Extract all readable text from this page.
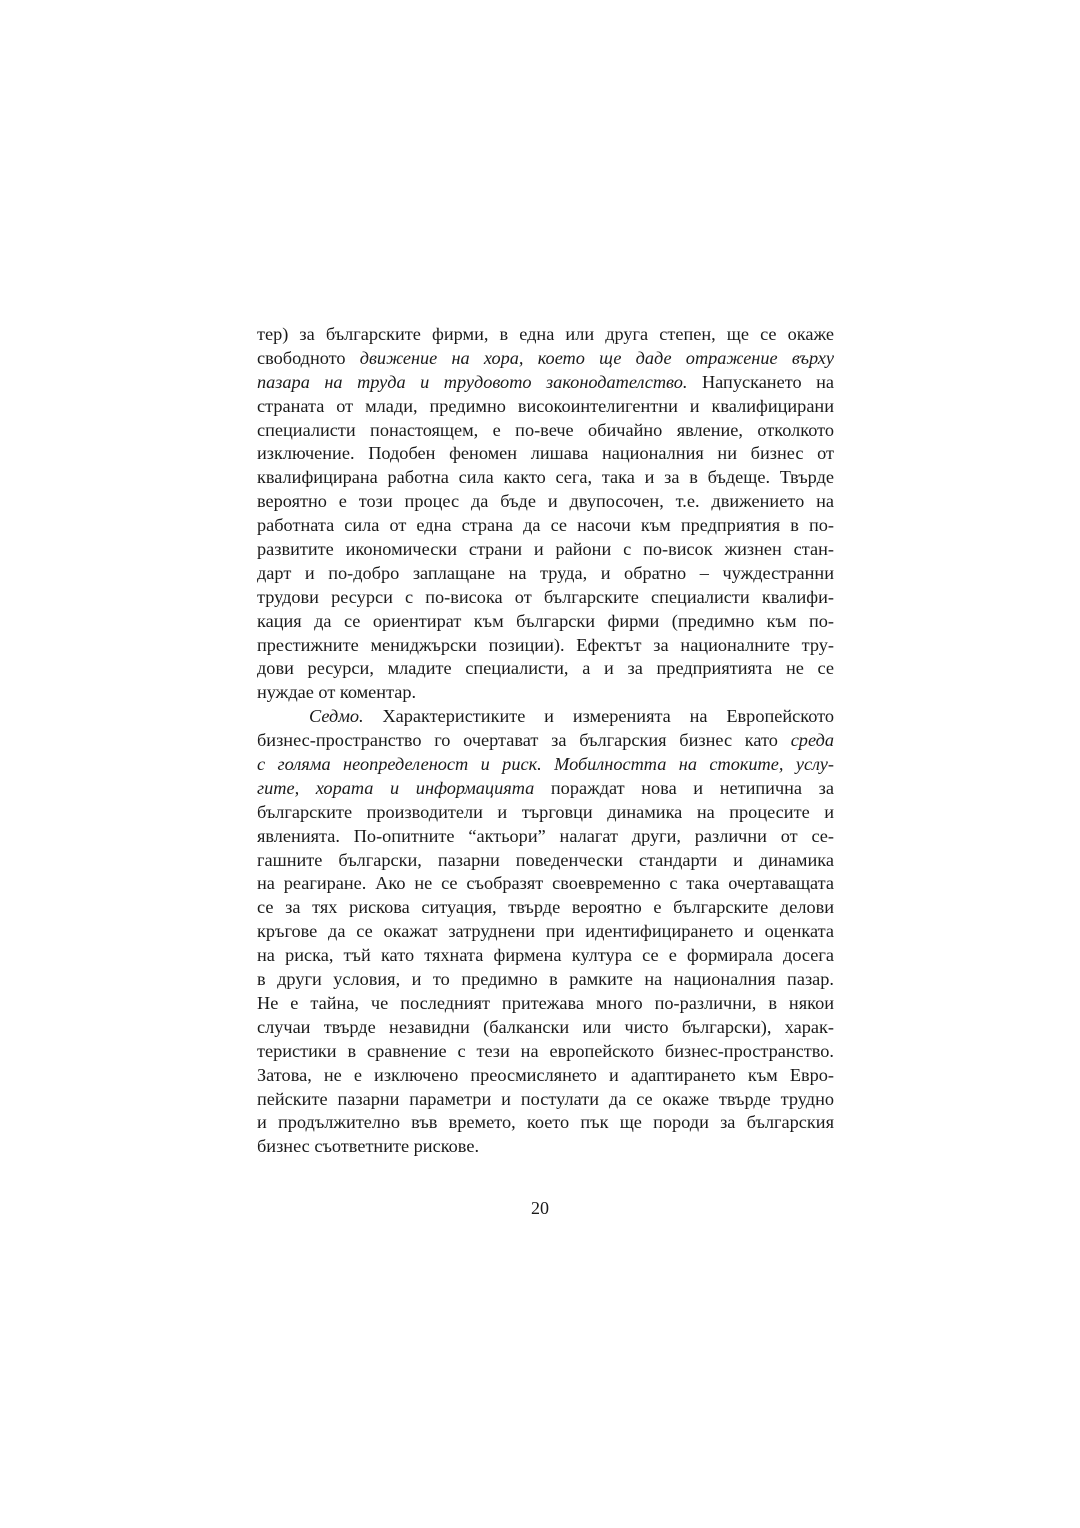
тер) за българските фирми, в една или друга степен, ще се окаже
свободното движение на хора, което ще даде отражение върху
пазара на труда и трудовото законодателство. Напускането на
страната от млади, предимно високоинтелигентни и квалифицирани
специалисти понастоящем, е по-вече обичайно явление, отколкото
изключение. Подобен феномен лишава националния ни бизнес от
квалифицирана работна сила както сега, така и за в бъдеще. Твърде
вероятно е този процес да бъде и двупосочен, т.е. движението на
работната сила от една страна да се насочи към предприятия в по-
развитите икономически страни и райони с по-висок жизнен стан-
дарт и по-добро заплащане на труда, и обратно – чуждестранни
трудови ресурси с по-висока от българските специалисти квалифи-
кация да се ориентират към български фирми (предимно към по-
престижните мениджърски позиции). Ефектът за националните тру-
дови ресурси, младите специалисти, а и за предприятията не се
нуждае от коментар.
Седмо. Характеристиките и измеренията на Европейското
бизнес-пространство го очертават за българския бизнес като среда
с голяма неопределеност и риск. Мобилността на стоките, услу-
гите, хората и информацията пораждат нова и нетипична за
българските производители и търговци динамика на процесите и
явленията. По-опитните “актьори” налагат други, различни от се-
гашните български, пазарни поведенчески стандарти и динамика
на реагиране. Ако не се съобразят своевременно с така очертаващата
се за тях рискова ситуация, твърде вероятно е българските делови
кръгове да се окажат затруднени при идентифицирането и оценката
на риска, тъй като тяхната фирмена култура се е формирала досега
в други условия, и то предимно в рамките на националния пазар.
Не е тайна, че последният притежава много по-различни, в някои
случаи твърде незавидни (балкански или чисто български), харак-
теристики в сравнение с тези на европейското бизнес-пространство.
Затова, не е изключено преосмислянето и адаптирането към Евро-
пейските пазарни параметри и постулати да се окаже твърде трудно
и продължително във времето, което пък ще породи за българския
бизнес съответните рискове.
20
